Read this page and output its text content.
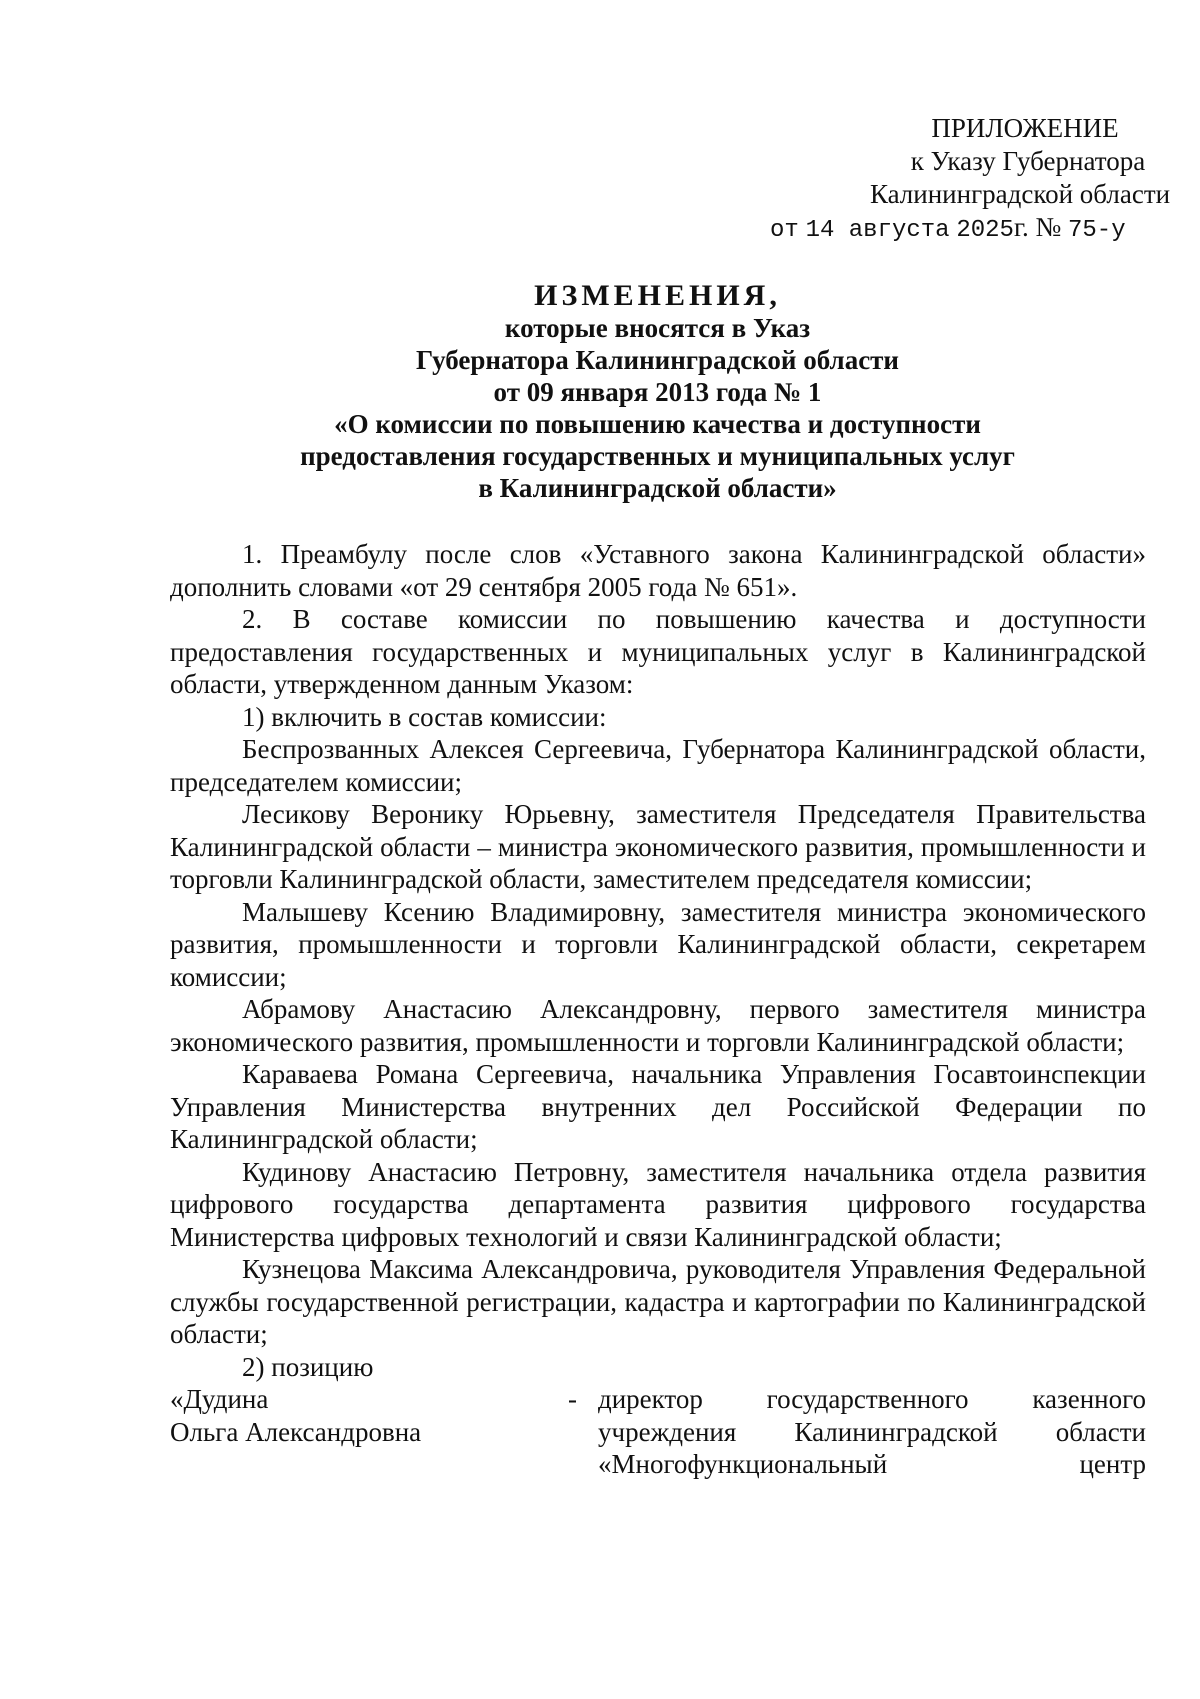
ПРИЛОЖЕНИЕ
к Указу Губернатора
Калининградской области
от 14 августа 2025г. № 75-у
ИЗМЕНЕНИЯ,
которые вносятся в Указ
Губернатора Калининградской области
от 09 января 2013 года № 1
«О комиссии по повышению качества и доступности
предоставления государственных и муниципальных услуг
в Калининградской области»

1. Преамбулу после слов «Уставного закона Калининградской области» дополнить словами «от 29 сентября 2005 года № 651».

2. В составе комиссии по повышению качества и доступности предоставления государственных и муниципальных услуг в Калининградской области, утвержденном данным Указом:

1) включить в состав комиссии:

Беспрозванных Алексея Сергеевича, Губернатора Калининградской области, председателем комиссии;

Лесикову Веронику Юрьевну, заместителя Председателя Правительства Калининградской области – министра экономического развития, промышленности и торговли Калининградской области, заместителем председателя комиссии;

Малышеву Ксению Владимировну, заместителя министра экономического развития, промышленности и торговли Калининградской области, секретарем комиссии;

Абрамову Анастасию Александровну, первого заместителя министра экономического развития, промышленности и торговли Калининградской области;

Караваева Романа Сергеевича, начальника Управления Госавтоинспекции Управления Министерства внутренних дел Российской Федерации по Калининградской области;

Кудинову Анастасию Петровну, заместителя начальника отдела развития цифрового государства департамента развития цифрового государства Министерства цифровых технологий и связи Калининградской области;

Кузнецова Максима Александровича, руководителя Управления Федеральной службы государственной регистрации, кадастра и картографии по Калининградской области;

2) позицию

«Дудина
Ольга Александровна
- директор государственного казенного учреждения Калининградской области «Многофункциональный центр
